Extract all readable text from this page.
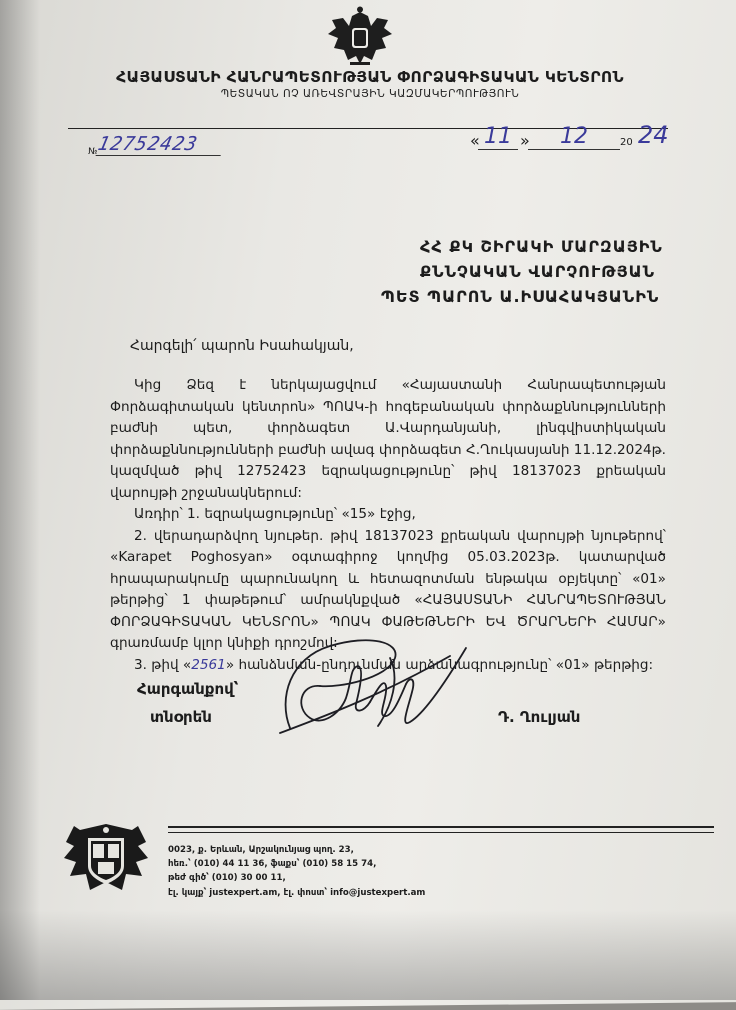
ՀԱՅԱՍՏԱՆԻ ՀԱՆՐԱՊԵՏՈՒԹՅԱՆ ՓՈՐՁԱԳԻՏԱԿԱՆ ԿԵՆՏՐՈՆ
ՊԵՏԱԿԱՆ ՈՉ ԱՌԵՎՏՐԱՅԻՆ ԿԱԶՄԱԿԵՐՊՈՒԹՅՈՒՆ
№
12752423	« 11 »	12	20 24
ՀՀ ՔԿ ՇԻՐԱԿԻ ՄԱՐԶԱՅԻՆ
ՔՆՆՉԱԿԱՆ ՎԱՐՉՈՒԹՅԱՆ
ՊԵՏ ՊԱՐՈՆ Ա.ԻՍԱՀԱԿՅԱՆԻՆ
Հարգելի՛ պարոն Իսահակյան,

Կից Ձեզ է ներկայացվում «Հայաստանի Հանրապետության Փորձագիտական կենտրոն» ՊՈԱԿ-ի հոգեբանական փորձաքննությունների բաժնի պետ, փորձագետ Ա.Վարդանյանի, լինգվիստիկական փորձաքննությունների բաժնի ավագ փորձագետ Հ.Ղուկասյանի 11.12.2024թ. կազմված թիվ 12752423 եզրակացությունը՝ թիվ 18137023 քրեական վարույթի շրջանակներում:

Առդիր՝ 1. եզրակացությունը՝ «15» էջից,

2. վերադարձվող նյութեր. թիվ 18137023 քրեական վարույթի նյութերով՝ «Karapet Poghosyan» օգտագիրոջ կողմից 05.03.2023թ. կատարված հրապարակումը պարունակող և հետազոտման ենթակա օբյեկտը՝ «01» թերթից՝ 1 փաթեթում՝ ամրակնքված «ՀԱՅԱՍՏԱՆԻ ՀԱՆՐԱՊԵՏՈՒԹՅԱՆ ՓՈՐՁԱԳԻՏԱԿԱՆ ԿԵՆՏՐՈՆ» ՊՈԱԿ ՓԱԹԵԹՆԵՐԻ ԵՎ ԾՐԱՐՆԵՐԻ ՀԱՄԱՐ» գրառմամբ կլոր կնիքի դրոշմով:

3. թիվ «2561» հանձնման-ընդունման արձանագրությունը՝ «01» թերթից:

Հարգանքով՝
տնօրեն	Դ. Ղուլյան
0023, ք. Երևան, Արշակունյաց պող. 23,
հեռ.՝ (010) 44 11 36, ֆաքս՝ (010) 58 15 74,
թեժ գիծ՝ (010) 30 00 11,
էլ. կայք՝ justexpert.am, էլ. փոստ՝ info@justexpert.am
